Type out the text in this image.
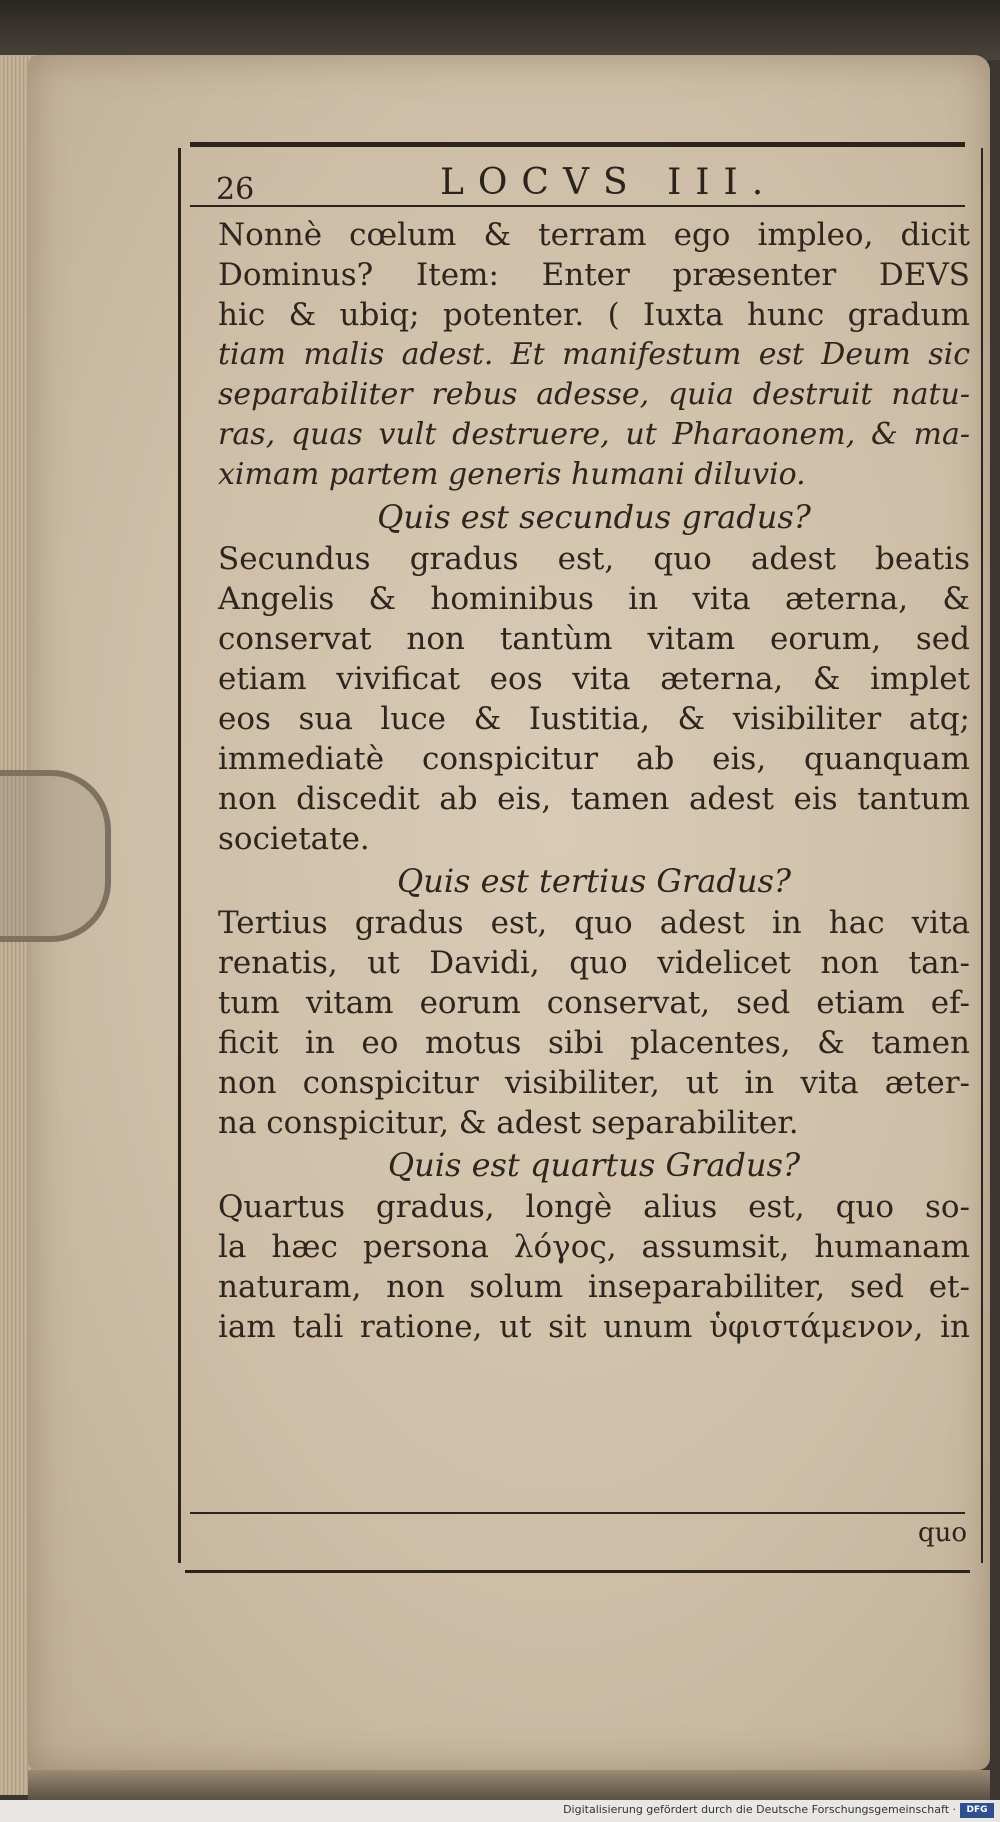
26	LOCVS III.
Nonnè cœlum & terram ego impleo, dicit
Dominus? Item: Enter præsenter DEVS
hic & ubiq; potenter. ( Iuxta hunc gradum
tiam malis adest. Et manifestum est Deum sic
separabiliter rebus adesse, quia destruit natu-
ras, quas vult destruere, ut Pharaonem, & ma-
ximam partem generis humani diluvio.
Quis est secundus gradus?
Secundus gradus est, quo adest beatis
Angelis & hominibus in vita æterna, &
conservat non tantùm vitam eorum, sed
etiam vivificat eos vita æterna, & implet
eos sua luce & Iustitia, & visibiliter atq;
immediatè conspicitur ab eis, quanquam
non discedit ab eis, tamen adest eis tantum
societate.
Quis est tertius Gradus?
Tertius gradus est, quo adest in hac vita
renatis, ut Davidi, quo videlicet non tan-
tum vitam eorum conservat, sed etiam ef-
ficit in eo motus sibi placentes, & tamen
non conspicitur visibiliter, ut in vita æter-
na conspicitur, & adest separabiliter.
Quis est quartus Gradus?
Quartus gradus, longè alius est, quo so-
la hæc persona λόγος, assumsit, humanam
naturam, non solum inseparabiliter, sed et-
iam tali ratione, ut sit unum ὑφιστάμενον, in
quo
Digitalisierung gefördert durch die Deutsche Forschungsgemeinschaft ·	DFG
